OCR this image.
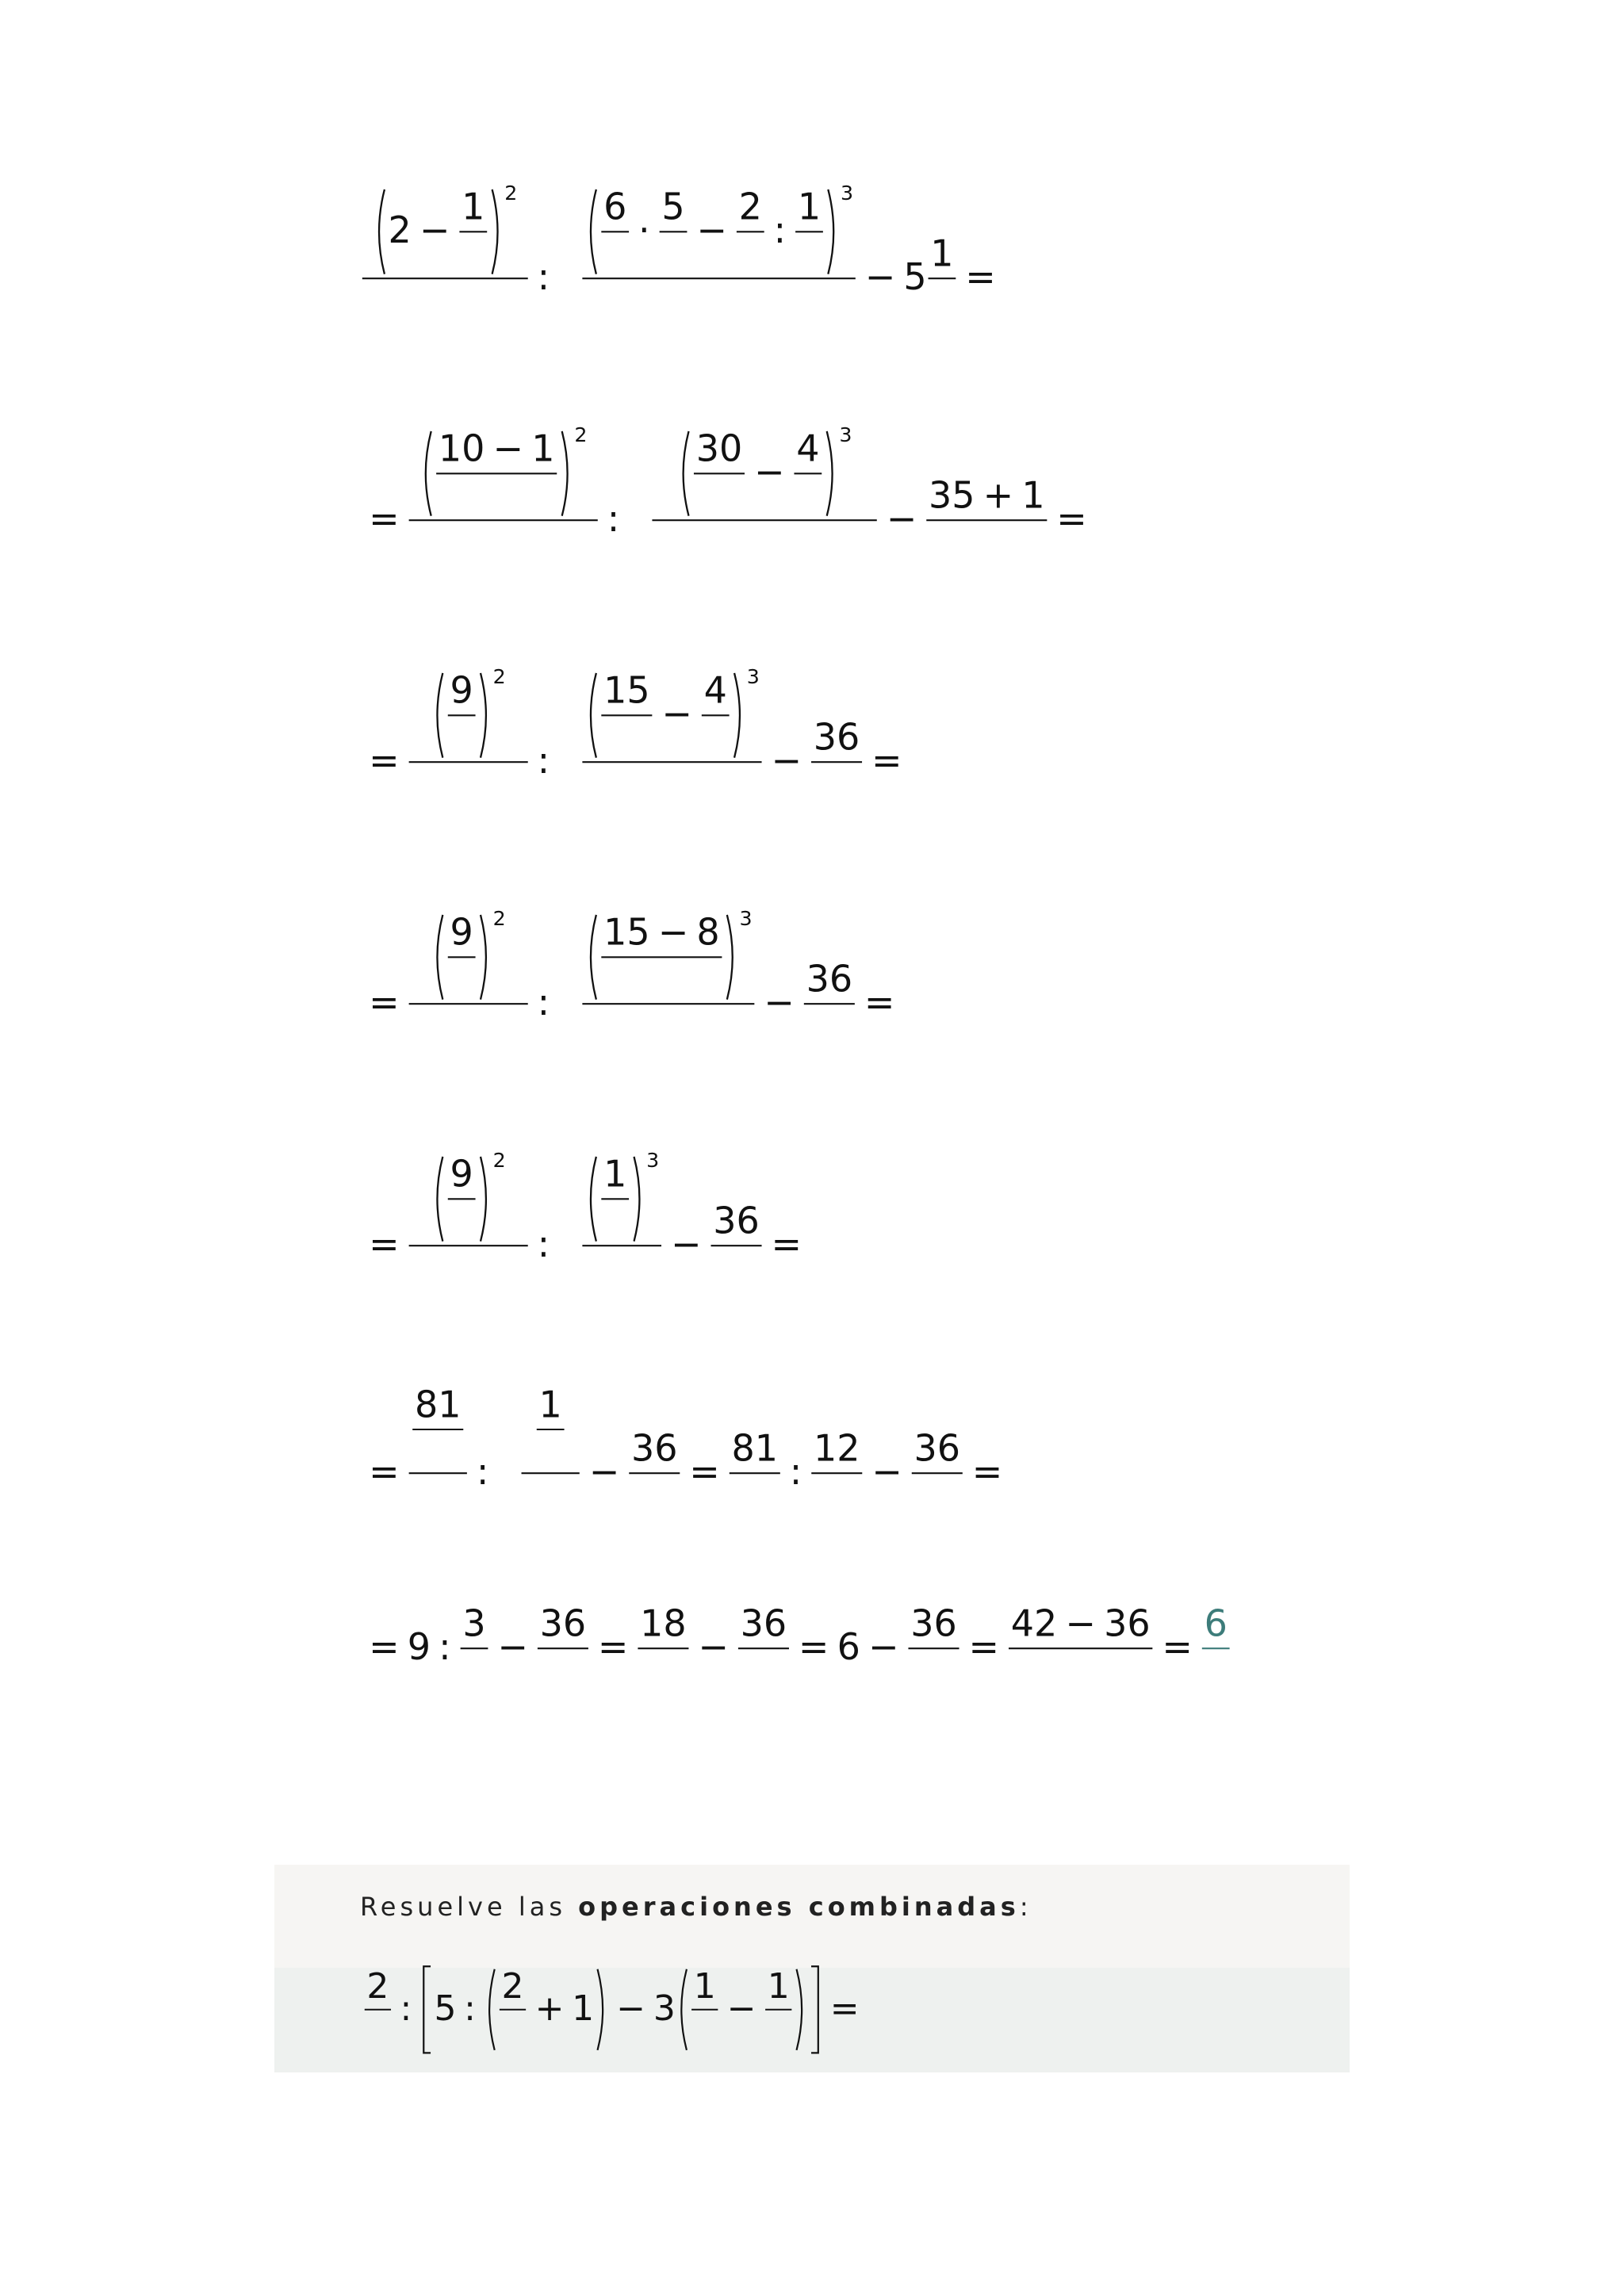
2 −
1 2
:
6
·
5
−
2
:
1 3
− 5
1
=
=
10 − 1 2
:
30
−
4 3
−
35 + 1
=
=
9 2
:
15
−
4 3
−
36
=
=
9 2
:
15 − 8 3
−
36
=
=
9 2
:
1 3
−
36
=
=
81
:
1
−
36
=
81
:
12
−
36
=
= 9 :
3
−
36
=
18
−
36
= 6 −
36
=
42 − 36
=
6
Resuelve las operaciones combinadas:
2
: 5 :
2
+ 1 − 3
1
−
1
=
